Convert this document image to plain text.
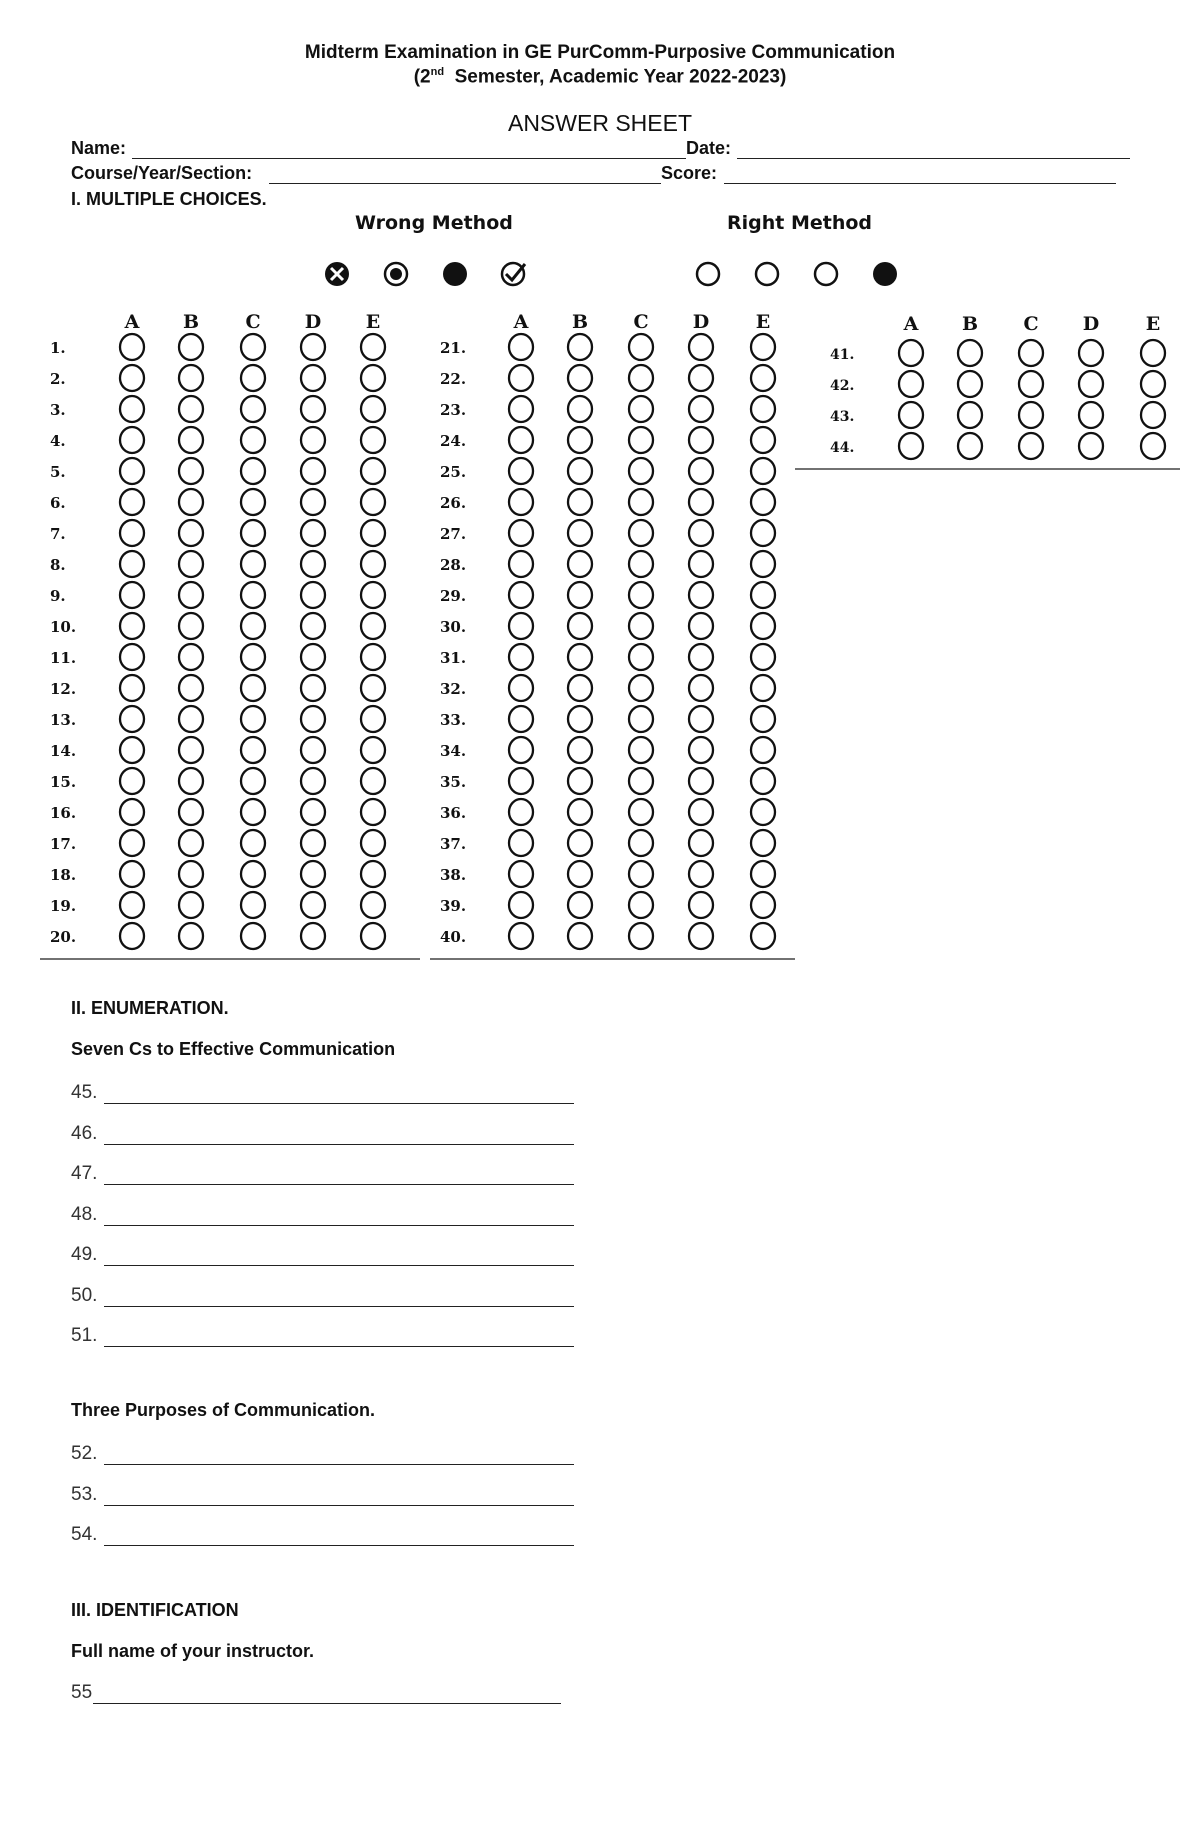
Midterm Examination in GE PurComm-Purposive Communication
(2nd  Semester, Academic Year 2022-2023)
ANSWER SHEET
Name:	Date:
Course/Year/Section:	Score:
I. MULTIPLE CHOICES.
Wrong Method	Right Method
A B C D E
1.
2.
3.
4.
5.
6.
7.
8.
9.
10.
11.
12.
13.
14.
15.
16.
17.
18.
19.
20.
A B C D E
21.
22.
23.
24.
25.
26.
27.
28.
29.
30.
31.
32.
33.
34.
35.
36.
37.
38.
39.
40.
A B C D E
41.
42.
43.
44.
II. ENUMERATION.
Seven Cs to Effective Communication
45.
46.
47.
48.
49.
50.
51.
Three Purposes of Communication.
52.
53.
54.
III. IDENTIFICATION
Full name of your instructor.
55
